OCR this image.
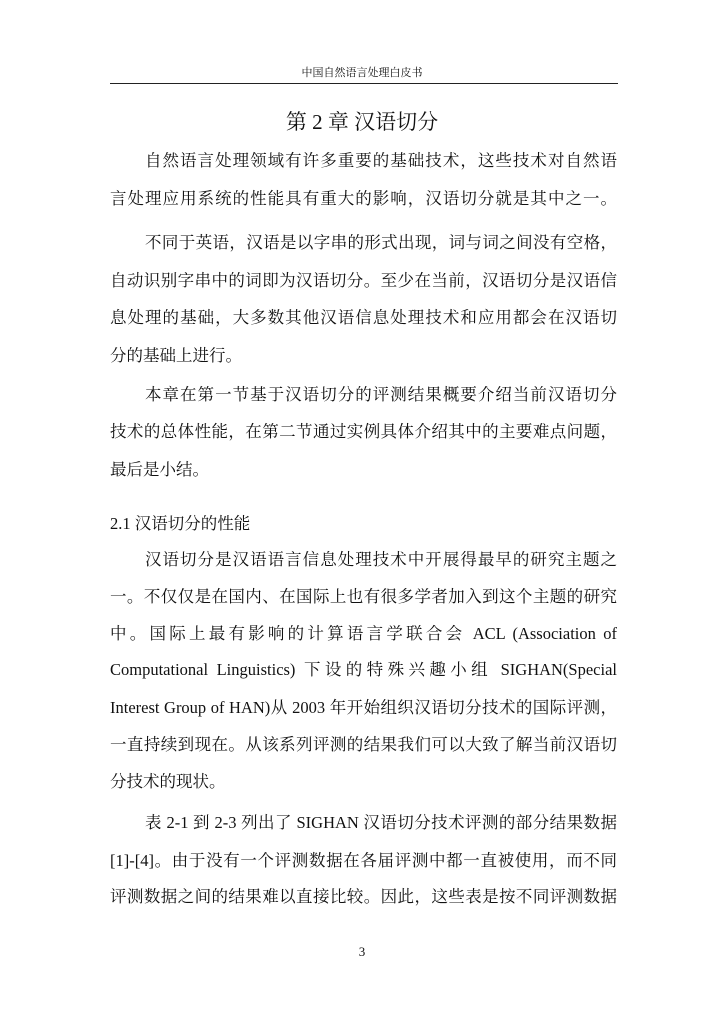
中国自然语言处理白皮书
第 2 章 汉语切分
自然语言处理领域有许多重要的基础技术，这些技术对自然语
言处理应用系统的性能具有重大的影响，汉语切分就是其中之一。
不同于英语，汉语是以字串的形式出现，词与词之间没有空格，
自动识别字串中的词即为汉语切分。至少在当前，汉语切分是汉语信
息处理的基础，大多数其他汉语信息处理技术和应用都会在汉语切
分的基础上进行。
本章在第一节基于汉语切分的评测结果概要介绍当前汉语切分
技术的总体性能，在第二节通过实例具体介绍其中的主要难点问题，
最后是小结。
2.1 汉语切分的性能
汉语切分是汉语语言信息处理技术中开展得最早的研究主题之
一。不仅仅是在国内、在国际上也有很多学者加入到这个主题的研究
中。国际上最有影响的计算语言学联合会 ACL (Association of
Computational Linguistics) 下设的特殊兴趣小组 SIGHAN(Special
Interest Group of HAN)从 2003 年开始组织汉语切分技术的国际评测，
一直持续到现在。从该系列评测的结果我们可以大致了解当前汉语切
分技术的现状。
表 2-1 到 2-3 列出了 SIGHAN 汉语切分技术评测的部分结果数据
[1]-[4]。由于没有一个评测数据在各届评测中都一直被使用，而不同
评测数据之间的结果难以直接比较。因此，这些表是按不同评测数据
3
